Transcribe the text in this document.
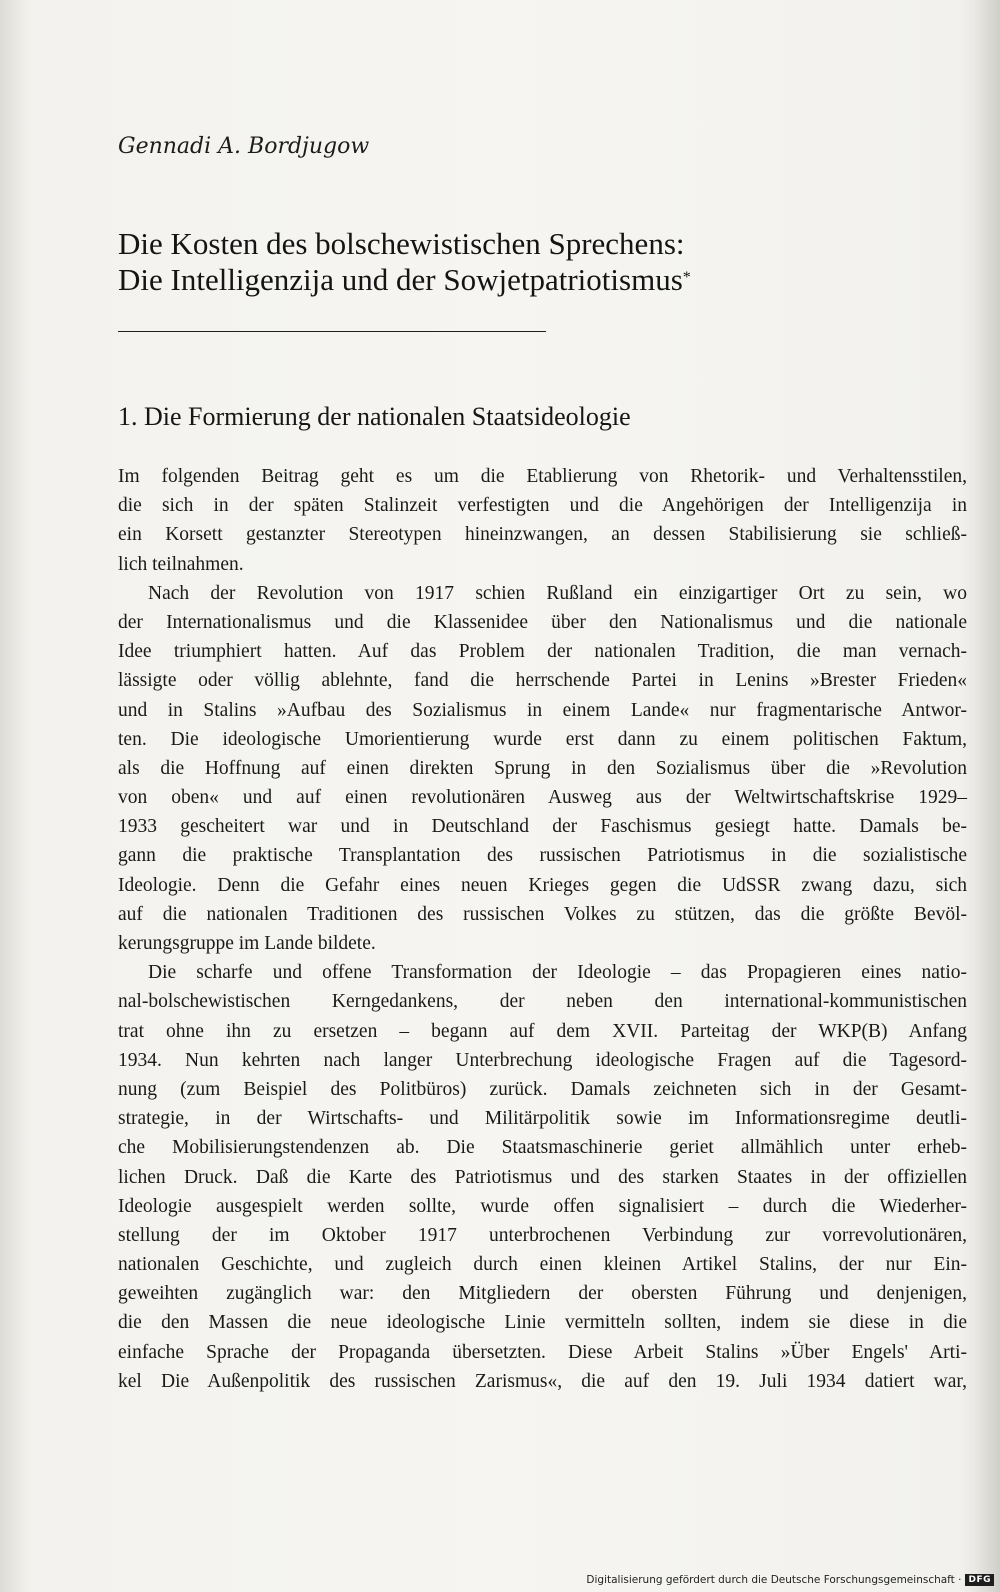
Gennadi A. Bordjugow

Die Kosten des bolschewistischen Sprechens:
Die Intelligenzija und der Sowjetpatriotismus*
1. Die Formierung der nationalen Staatsideologie
Im folgenden Beitrag geht es um die Etablierung von Rhetorik- und Verhaltensstilen,
die sich in der späten Stalinzeit verfestigten und die Angehörigen der Intelligenzija in
ein Korsett gestanzter Stereotypen hineinzwangen, an dessen Stabilisierung sie schließ-
lich teilnahmen.
Nach der Revolution von 1917 schien Rußland ein einzigartiger Ort zu sein, wo
der Internationalismus und die Klassenidee über den Nationalismus und die nationale
Idee triumphiert hatten. Auf das Problem der nationalen Tradition, die man vernach-
lässigte oder völlig ablehnte, fand die herrschende Partei in Lenins »Brester Frieden«
und in Stalins »Aufbau des Sozialismus in einem Lande« nur fragmentarische Antwor-
ten. Die ideologische Umorientierung wurde erst dann zu einem politischen Faktum,
als die Hoffnung auf einen direkten Sprung in den Sozialismus über die »Revolution
von oben« und auf einen revolutionären Ausweg aus der Weltwirtschaftskrise 1929–
1933 gescheitert war und in Deutschland der Faschismus gesiegt hatte. Damals be-
gann die praktische Transplantation des russischen Patriotismus in die sozialistische
Ideologie. Denn die Gefahr eines neuen Krieges gegen die UdSSR zwang dazu, sich
auf die nationalen Traditionen des russischen Volkes zu stützen, das die größte Bevöl-
kerungsgruppe im Lande bildete.
Die scharfe und offene Transformation der Ideologie – das Propagieren eines natio-
nal-bolschewistischen Kerngedankens, der neben den international-kommunistischen
trat ohne ihn zu ersetzen – begann auf dem XVII. Parteitag der WKP(B) Anfang
1934. Nun kehrten nach langer Unterbrechung ideologische Fragen auf die Tagesord-
nung (zum Beispiel des Politbüros) zurück. Damals zeichneten sich in der Gesamt-
strategie, in der Wirtschafts- und Militärpolitik sowie im Informationsregime deutli-
che Mobilisierungstendenzen ab. Die Staatsmaschinerie geriet allmählich unter erheb-
lichen Druck. Daß die Karte des Patriotismus und des starken Staates in der offiziellen
Ideologie ausgespielt werden sollte, wurde offen signalisiert – durch die Wiederher-
stellung der im Oktober 1917 unterbrochenen Verbindung zur vorrevolutionären,
nationalen Geschichte, und zugleich durch einen kleinen Artikel Stalins, der nur Ein-
geweihten zugänglich war: den Mitgliedern der obersten Führung und denjenigen,
die den Massen die neue ideologische Linie vermitteln sollten, indem sie diese in die
einfache Sprache der Propaganda übersetzten. Diese Arbeit Stalins »Über Engels' Arti-
kel Die Außenpolitik des russischen Zarismus«, die auf den 19. Juli 1934 datiert war,
Digitalisierung gefördert durch die Deutsche Forschungsgemeinschaft · DFG
